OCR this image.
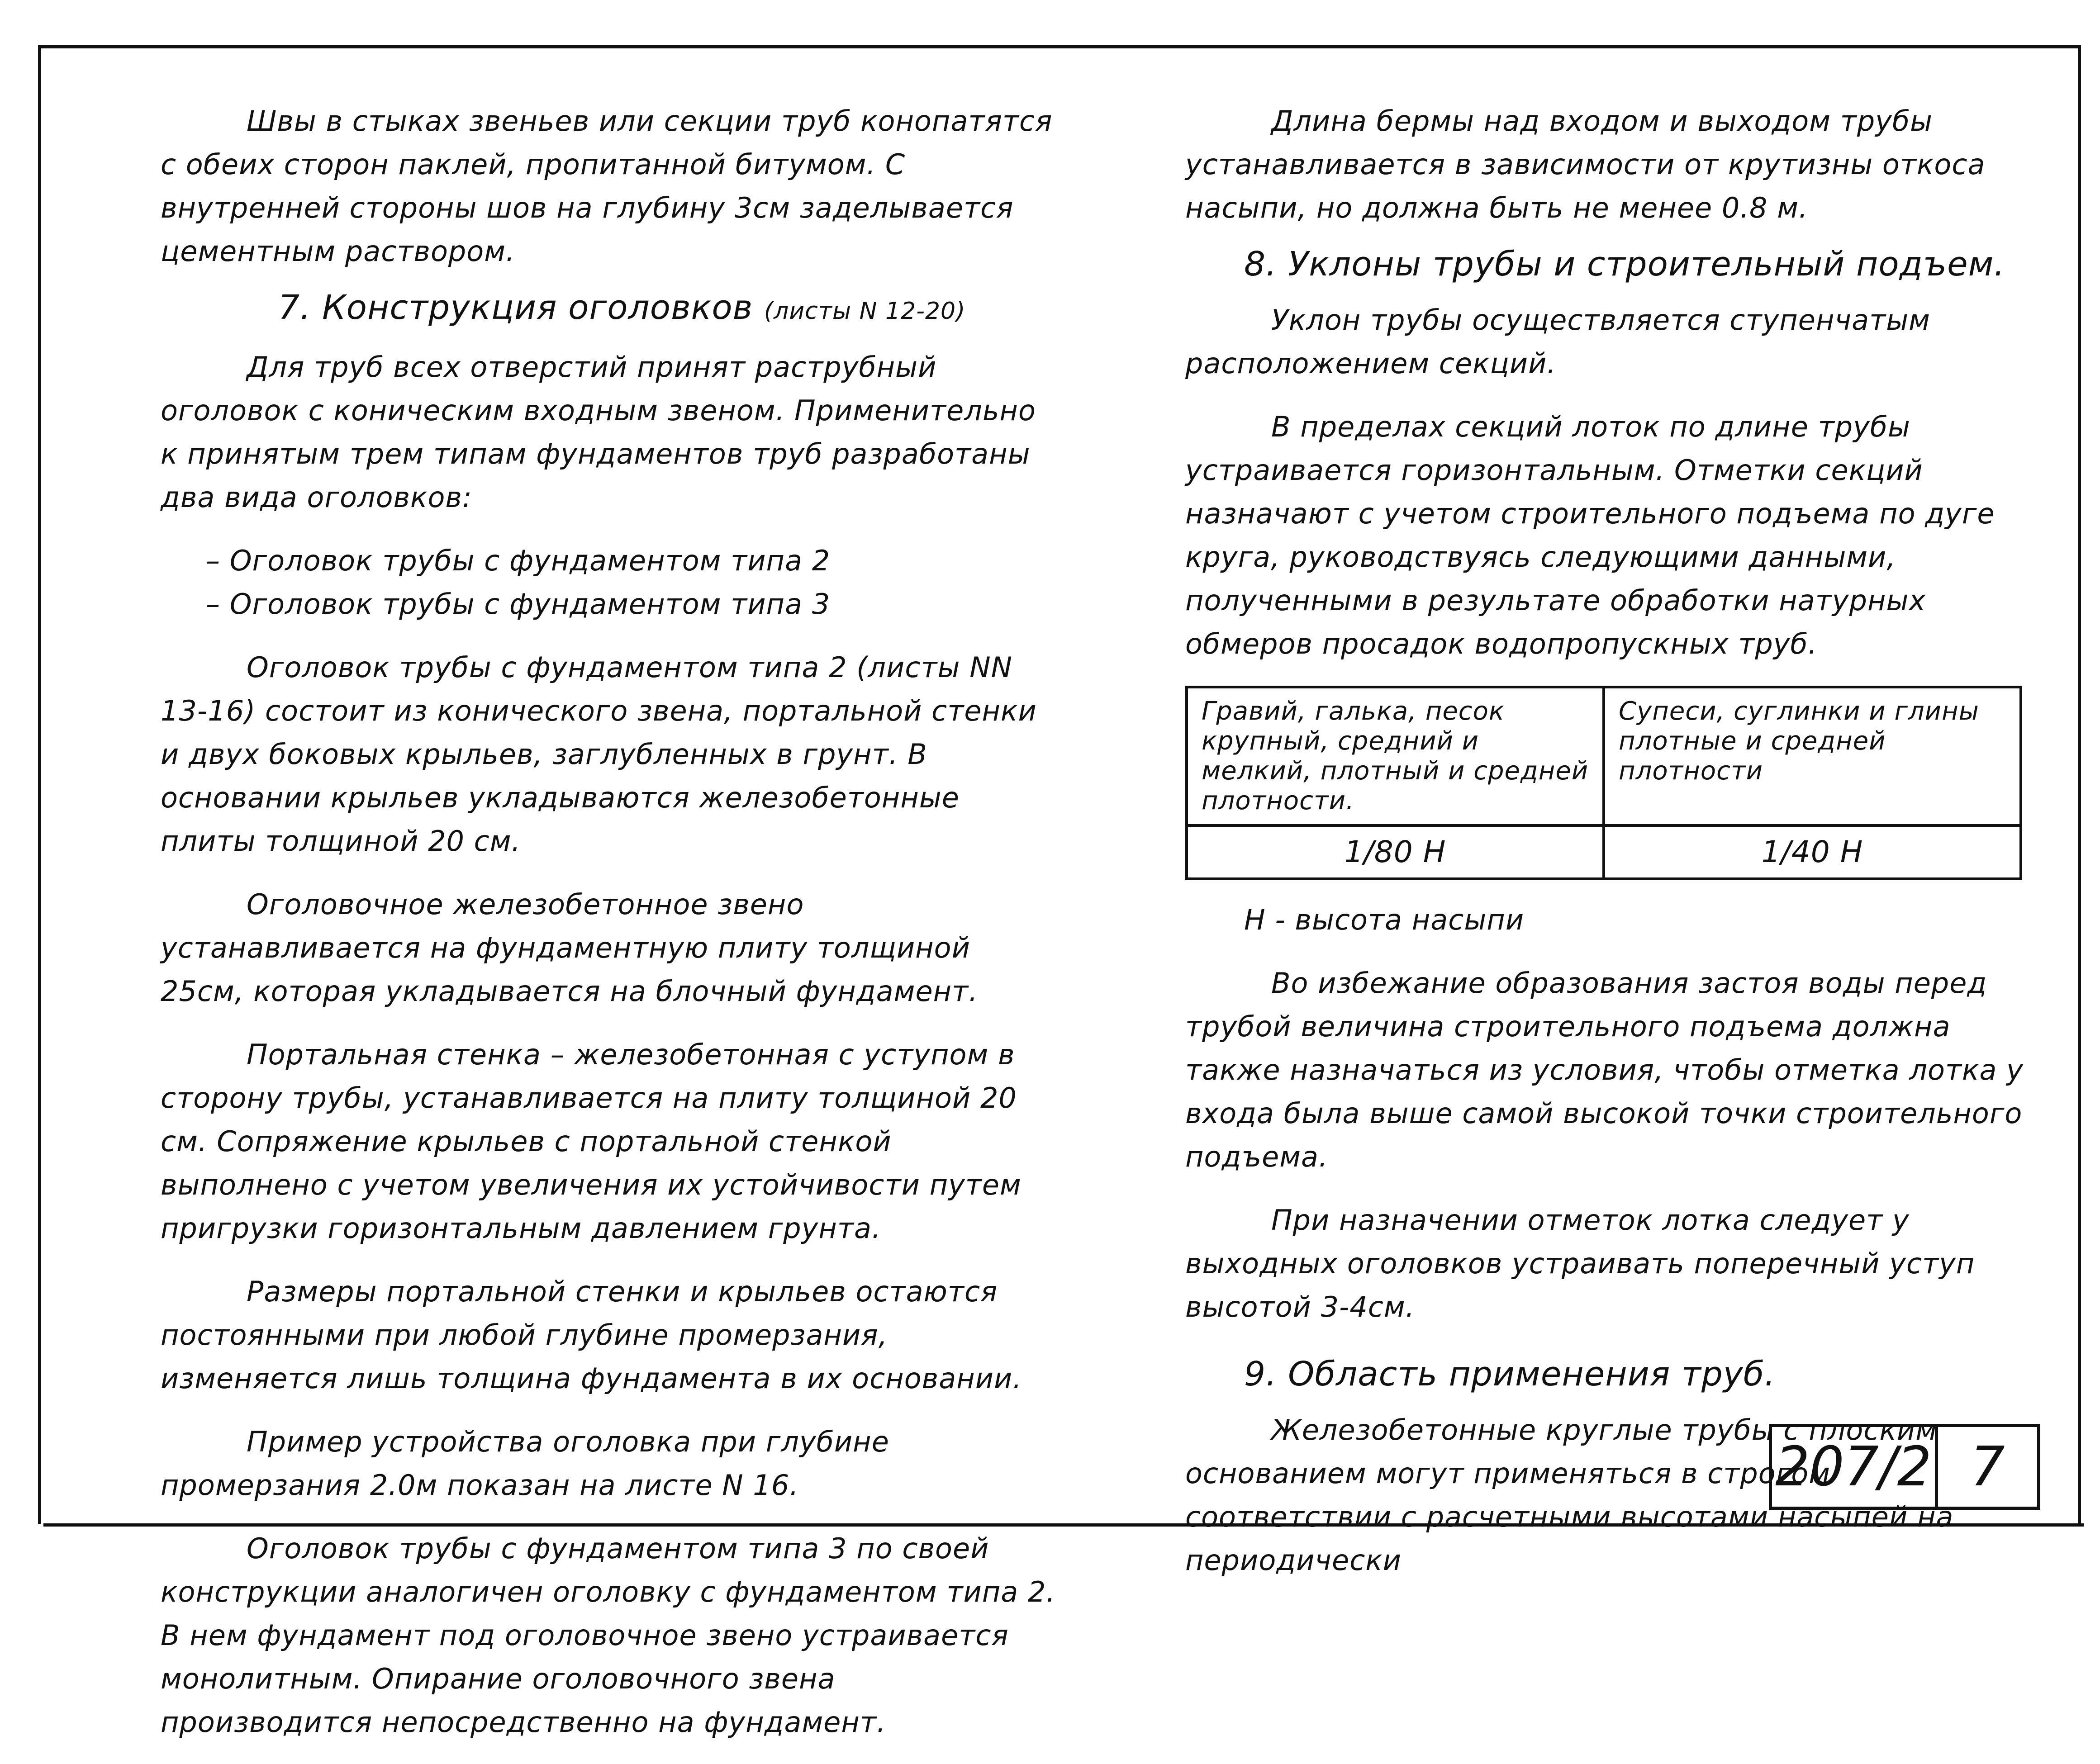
Швы в стыках звеньев или секции труб конопатятся с обеих сторон паклей, пропитанной битумом. С внутренней стороны шов на глубину 3см заделывается цементным раствором.

7. Конструкция оголовков (листы N 12-20)

Для труб всех отверстий принят раструбный оголовок с коническим входным звеном. Применительно к принятым трем типам фундаментов труб разработаны два вида оголовков:

– Оголовок трубы с фундаментом типа 2

– Оголовок трубы с фундаментом типа 3

Оголовок трубы с фундаментом типа 2 (листы NN 13-16) состоит из конического звена, портальной стенки и двух боковых крыльев, заглубленных в грунт. В основании крыльев укладываются железобетонные плиты толщиной 20 см.

Оголовочное железобетонное звено устанавливается на фундаментную плиту толщиной 25см, которая укладывается на блочный фундамент.

Портальная стенка – железобетонная с уступом в сторону трубы, устанавливается на плиту толщиной 20 см. Сопряжение крыльев с портальной стенкой выполнено с учетом увеличения их устойчивости путем пригрузки горизонтальным давлением грунта.

Размеры портальной стенки и крыльев остаются постоянными при любой глубине промерзания, изменяется лишь толщина фундамента в их основании.

Пример устройства оголовка при глубине промерзания 2.0м показан на листе N 16.

Оголовок трубы с фундаментом типа 3 по своей конструкции аналогичен оголовку с фундаментом типа 2. В нем фундамент под оголовочное звено устраивается монолитным. Опирание оголовочного звена производится непосредственно на фундамент.

Длина бермы над входом и выходом трубы устанавливается в зависимости от крутизны откоса насыпи, но должна быть не менее 0.8 м.

8. Уклоны трубы и строительный подъем.

Уклон трубы осуществляется ступенчатым расположением секций.

В пределах секций лоток по длине трубы устраивается горизонтальным. Отметки секций назначают с учетом строительного подъема по дуге круга, руководствуясь следующими данными, полученными в результате обработки натурных обмеров просадок водопропускных труб.

Гравий, галька, песок крупный, средний и мелкий, плотный и средней плотности.	Супеси, суглинки и глины плотные и средней плотности
1/80 Н	1/40 Н

Н - высота насыпи

Во избежание образования застоя воды перед трубой величина строительного подъема должна также назначаться из условия, чтобы отметка лотка у входа была выше самой высокой точки строительного подъема.

При назначении отметок лотка следует у выходных оголовков устраивать поперечный уступ высотой 3-4см.

9. Область применения труб.

Железобетонные круглые трубы с плоским основанием могут применяться в строгом соответствии с расчетными высотами насыпей на периодически

207/2 7
